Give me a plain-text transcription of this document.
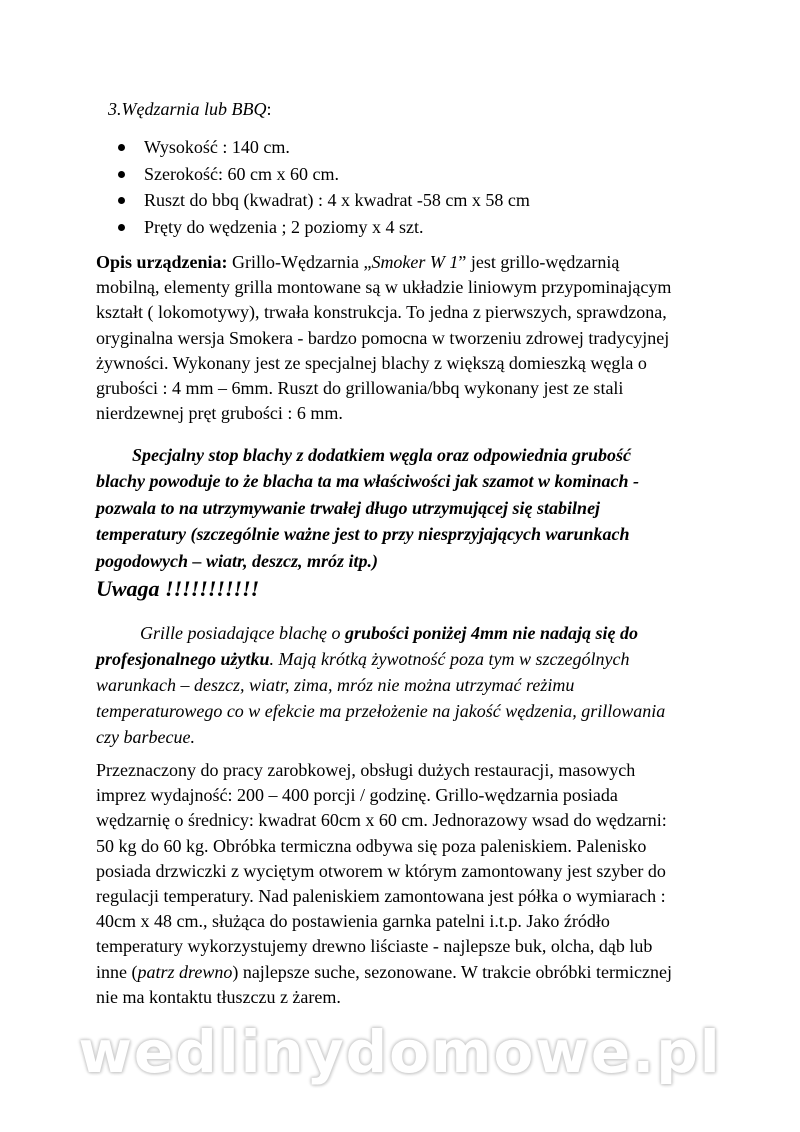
3.Wędzarnia lub BBQ:
Wysokość : 140 cm.
Szerokość: 60 cm x 60 cm.
Ruszt do bbq (kwadrat) : 4 x kwadrat -58 cm x 58 cm
Pręty do wędzenia ; 2 poziomy x 4 szt.

Opis urządzenia: Grillo-Wędzarnia „Smoker W 1” jest grillo-wędzarnią
mobilną, elementy grilla montowane są w układzie liniowym przypominającym
kształt ( lokomotywy), trwała konstrukcja. To jedna z pierwszych, sprawdzona,
oryginalna wersja Smokera - bardzo pomocna w tworzeniu zdrowej tradycyjnej
żywności. Wykonany jest ze specjalnej blachy z większą domieszką węgla o
grubości : 4 mm – 6mm. Ruszt do grillowania/bbq wykonany jest ze stali
nierdzewnej pręt grubości : 6 mm.

Specjalny stop blachy z dodatkiem węgla oraz odpowiednia grubość
blachy powoduje to że blacha ta ma właściwości jak szamot w kominach -
pozwala to na utrzymywanie trwałej długo utrzymującej się stabilnej
temperatury (szczególnie ważne jest to przy niesprzyjających warunkach
pogodowych – wiatr, deszcz, mróz itp.)

Uwaga !!!!!!!!!!!

Grille posiadające blachę o grubości poniżej 4mm nie nadają się do
profesjonalnego użytku. Mają krótką żywotność poza tym w szczególnych
warunkach – deszcz, wiatr, zima, mróz nie można utrzymać reżimu
temperaturowego co w efekcie ma przełożenie na jakość wędzenia, grillowania
czy barbecue.

Przeznaczony do pracy zarobkowej, obsługi dużych restauracji, masowych
imprez wydajność: 200 – 400 porcji / godzinę. Grillo-wędzarnia posiada
wędzarnię o średnicy: kwadrat 60cm x 60 cm. Jednorazowy wsad do wędzarni:
50 kg do 60 kg. Obróbka termiczna odbywa się poza paleniskiem. Palenisko
posiada drzwiczki z wyciętym otworem w którym zamontowany jest szyber do
regulacji temperatury. Nad paleniskiem zamontowana jest półka o wymiarach :
40cm x 48 cm., służąca do postawienia garnka patelni i.t.p. Jako źródło
temperatury wykorzystujemy drewno liściaste - najlepsze buk, olcha, dąb lub
inne (patrz drewno) najlepsze suche, sezonowane. W trakcie obróbki termicznej
nie ma kontaktu tłuszczu z żarem.

wedlinydomowe.pl
